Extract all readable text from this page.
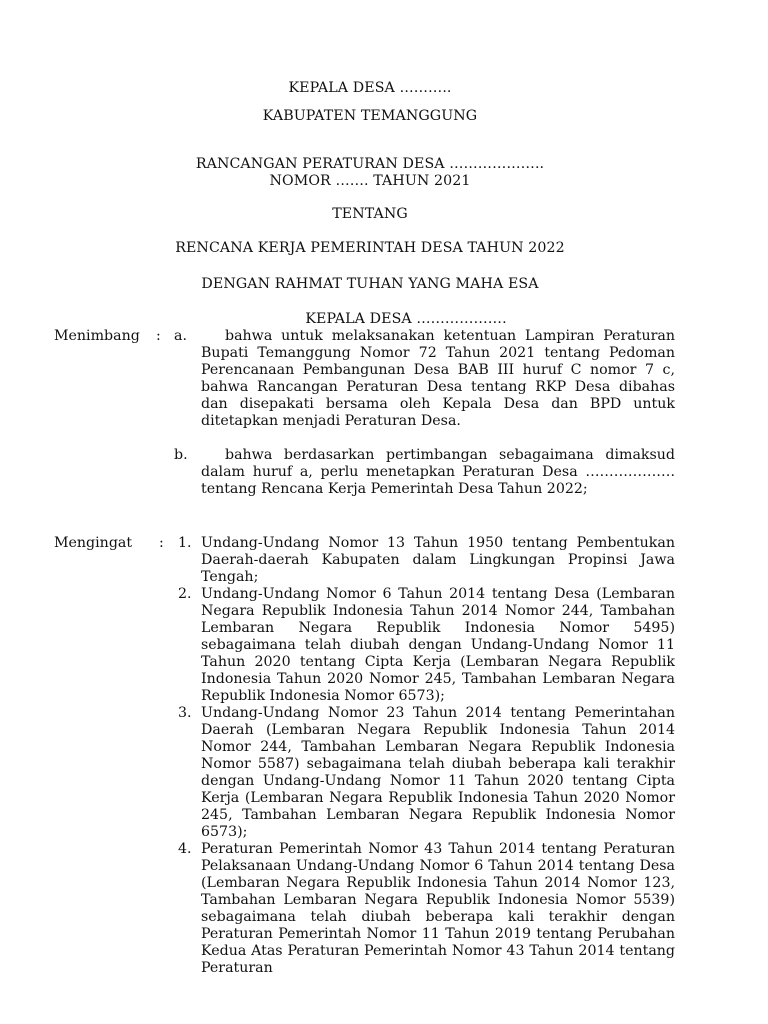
KEPALA DESA ………..
KABUPATEN TEMANGGUNG
RANCANGAN PERATURAN DESA ………………..
NOMOR ……. TAHUN 2021
TENTANG
RENCANA KERJA PEMERINTAH DESA TAHUN 2022
DENGAN RAHMAT TUHAN YANG MAHA ESA
KEPALA DESA ……………….
Menimbang : a.	bahwa untuk melaksanakan ketentuan Lampiran Peraturan Bupati Temanggung Nomor 72 Tahun 2021 tentang Pedoman Perencanaan Pembangunan Desa BAB III huruf C nomor 7 c, bahwa Rancangan Peraturan Desa tentang RKP Desa dibahas dan disepakati bersama oleh Kepala Desa dan BPD untuk ditetapkan menjadi Peraturan Desa.
b.	bahwa berdasarkan pertimbangan sebagaimana dimaksud dalam huruf a, perlu menetapkan Peraturan Desa ………………. tentang Rencana Kerja Pemerintah Desa Tahun 2022;
Mengingat : 1. Undang-Undang Nomor 13 Tahun 1950 tentang Pembentukan Daerah-daerah Kabupaten dalam Lingkungan Propinsi Jawa Tengah;
2. Undang-Undang Nomor 6 Tahun 2014 tentang Desa (Lembaran Negara Republik Indonesia Tahun 2014 Nomor 244, Tambahan Lembaran Negara Republik Indonesia Nomor 5495) sebagaimana telah diubah dengan Undang-Undang Nomor 11 Tahun 2020 tentang Cipta Kerja (Lembaran Negara Republik Indonesia Tahun 2020 Nomor 245, Tambahan Lembaran Negara Republik Indonesia Nomor 6573);
3. Undang-Undang Nomor 23 Tahun 2014 tentang Pemerintahan Daerah (Lembaran Negara Republik Indonesia Tahun 2014 Nomor 244, Tambahan Lembaran Negara Republik Indonesia Nomor 5587) sebagaimana telah diubah beberapa kali terakhir dengan Undang-Undang Nomor 11 Tahun 2020 tentang Cipta Kerja (Lembaran Negara Republik Indonesia Tahun 2020 Nomor 245, Tambahan Lembaran Negara Republik Indonesia Nomor 6573);
4. Peraturan Pemerintah Nomor 43 Tahun 2014 tentang Peraturan Pelaksanaan Undang-Undang Nomor 6 Tahun 2014 tentang Desa (Lembaran Negara Republik Indonesia Tahun 2014 Nomor 123, Tambahan Lembaran Negara Republik Indonesia Nomor 5539) sebagaimana telah diubah beberapa kali terakhir dengan Peraturan Pemerintah Nomor 11 Tahun 2019 tentang Perubahan Kedua Atas Peraturan Pemerintah Nomor 43 Tahun 2014 tentang Peraturan
